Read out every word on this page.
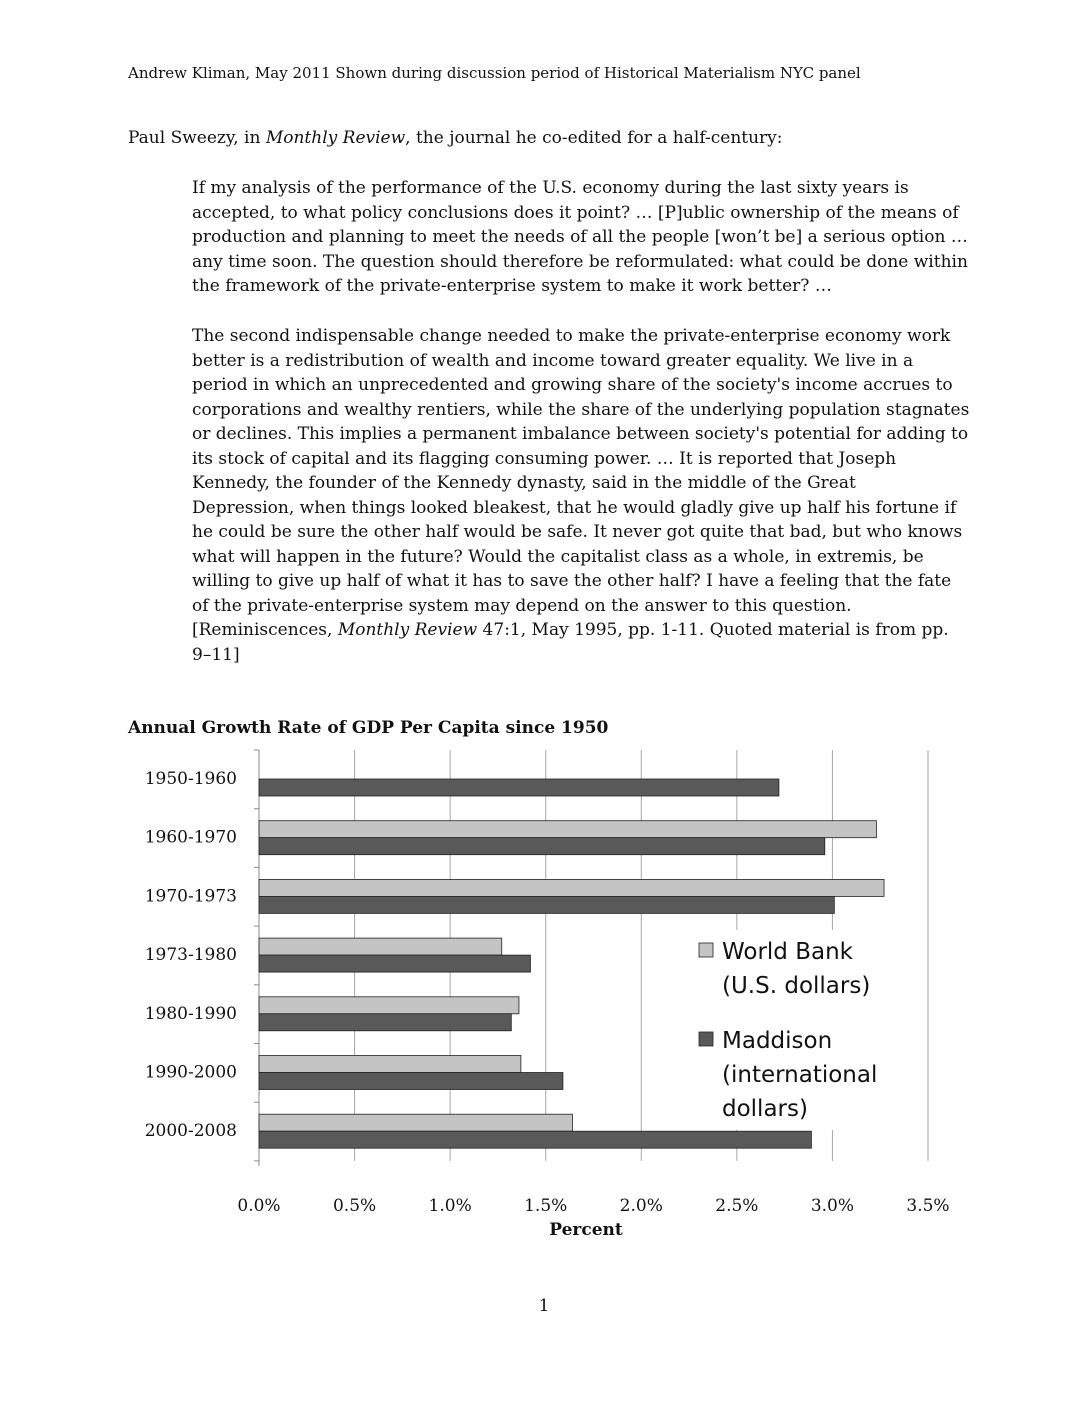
Andrew Kliman, May 2011 Shown during discussion period of Historical Materialism NYC panel
Paul Sweezy, in Monthly Review, the journal he co-edited for a half-century:
If my analysis of the performance of the U.S. economy during the last sixty years is
accepted, to what policy conclusions does it point? … [P]ublic ownership of the means of
production and planning to meet the needs of all the people [won’t be] a serious option …
any time soon. The question should therefore be reformulated: what could be done within
the framework of the private-enterprise system to make it work better? …
The second indispensable change needed to make the private-enterprise economy work
better is a redistribution of wealth and income toward greater equality. We live in a
period in which an unprecedented and growing share of the society's income accrues to
corporations and wealthy rentiers, while the share of the underlying population stagnates
or declines. This implies a permanent imbalance between society's potential for adding to
its stock of capital and its flagging consuming power. … It is reported that Joseph
Kennedy, the founder of the Kennedy dynasty, said in the middle of the Great
Depression, when things looked bleakest, that he would gladly give up half his fortune if
he could be sure the other half would be safe. It never got quite that bad, but who knows
what will happen in the future? Would the capitalist class as a whole, in extremis, be
willing to give up half of what it has to save the other half? I have a feeling that the fate
of the private-enterprise system may depend on the answer to this question.
[Reminiscences, Monthly Review 47:1, May 1995, pp. 1-11. Quoted material is from pp.
9–11]
Annual Growth Rate of GDP Per Capita since 1950
1950-1960
1960-1970
1970-1973
1973-1980
1980-1990
1990-2000
2000-2008
0.0%	0.5%	1.0%	1.5%	2.0%	2.5%	3.0%	3.5%
Percent
World Bank
(U.S. dollars)
Maddison
(international
dollars)
1
